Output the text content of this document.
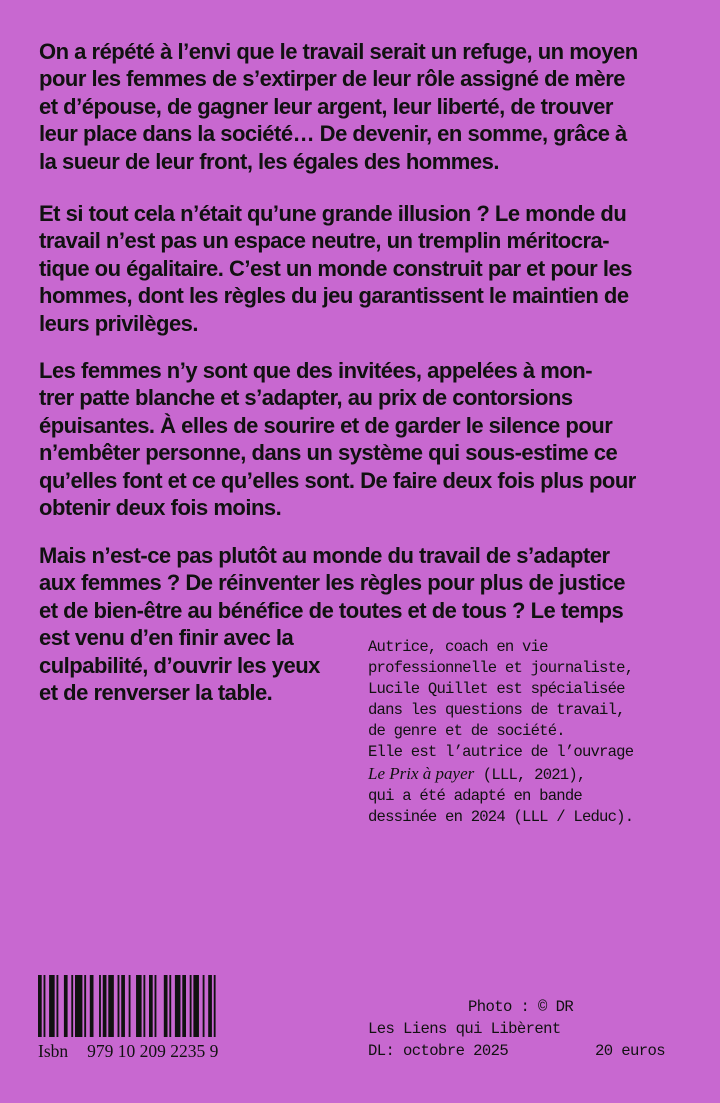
On a répété à l’envi que le travail serait un refuge, un moyen
pour les femmes de s’extirper de leur rôle assigné de mère
et d’épouse, de gagner leur argent, leur liberté, de trouver
leur place dans la société… De devenir, en somme, grâce à
la sueur de leur front, les égales des hommes.
Et si tout cela n’était qu’une grande illusion ? Le monde du
travail n’est pas un espace neutre, un tremplin méritocra-
tique ou égalitaire. C’est un monde construit par et pour les
hommes, dont les règles du jeu garantissent le maintien de
leurs privilèges.
Les femmes n’y sont que des invitées, appelées à mon-
trer patte blanche et s’adapter, au prix de contorsions
épuisantes. À elles de sourire et de garder le silence pour
n’embêter personne, dans un système qui sous-estime ce
qu’elles font et ce qu’elles sont. De faire deux fois plus pour
obtenir deux fois moins.
Mais n’est-ce pas plutôt au monde du travail de s’adapter
aux femmes ? De réinventer les règles pour plus de justice
et de bien-être au bénéfice de toutes et de tous ? Le temps
est venu d’en finir avec la
culpabilité, d’ouvrir les yeux
et de renverser la table.
Autrice, coach en vie
professionnelle et journaliste,
Lucile Quillet est spécialisée
dans les questions de travail,
de genre et de société.
Elle est l’autrice de l’ouvrage
Le Prix à payer (LLL, 2021),
qui a été adapté en bande
dessinée en 2024 (LLL / Leduc).
Isbn 979 10 209 2235 9
Photo : © DR
Les Liens qui Libèrent
DL: octobre 2025	20 euros
